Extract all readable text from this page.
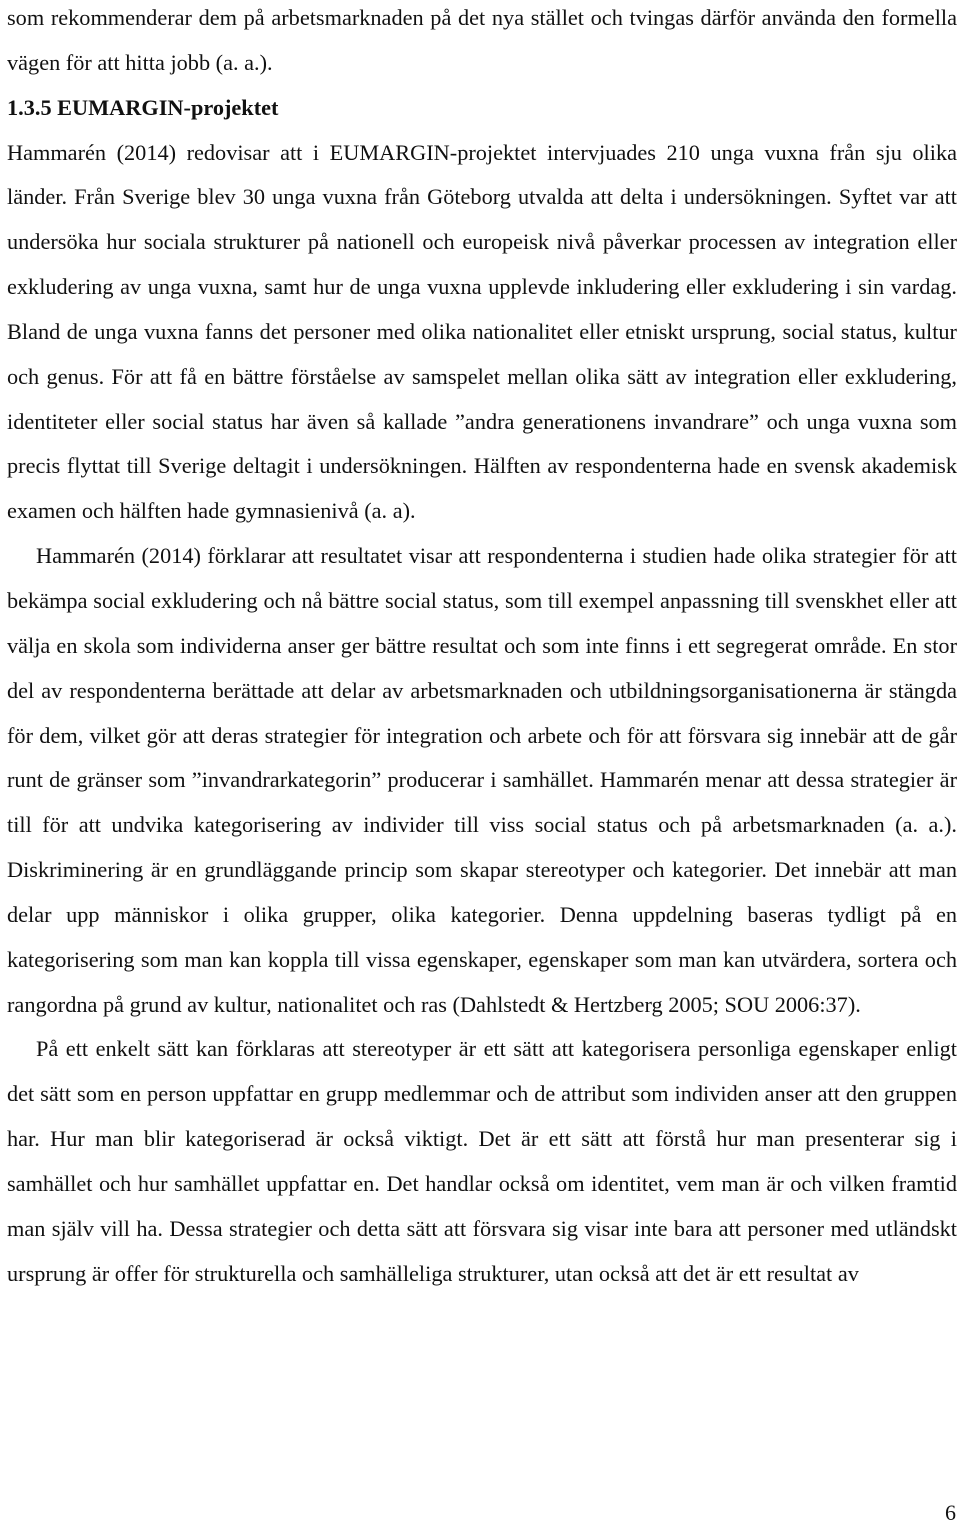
som rekommenderar dem på arbetsmarknaden på det nya stället och tvingas därför använda den formella vägen för att hitta jobb (a. a.).

1.3.5 EUMARGIN-projektet

Hammarén (2014) redovisar att i EUMARGIN-projektet intervjuades 210 unga vuxna från sju olika länder. Från Sverige blev 30 unga vuxna från Göteborg utvalda att delta i undersökningen. Syftet var att undersöka hur sociala strukturer på nationell och europeisk nivå påverkar processen av integration eller exkludering av unga vuxna, samt hur de unga vuxna upplevde inkludering eller exkludering i sin vardag. Bland de unga vuxna fanns det personer med olika nationalitet eller etniskt ursprung, social status, kultur och genus. För att få en bättre förståelse av samspelet mellan olika sätt av integration eller exkludering, identiteter eller social status har även så kallade ”andra generationens invandrare” och unga vuxna som precis flyttat till Sverige deltagit i undersökningen. Hälften av respondenterna hade en svensk akademisk examen och hälften hade gymnasienivå (a. a).

Hammarén (2014) förklarar att resultatet visar att respondenterna i studien hade olika strategier för att bekämpa social exkludering och nå bättre social status, som till exempel anpassning till svenskhet eller att välja en skola som individerna anser ger bättre resultat och som inte finns i ett segregerat område. En stor del av respondenterna berättade att delar av arbetsmarknaden och utbildningsorganisationerna är stängda för dem, vilket gör att deras strategier för integration och arbete och för att försvara sig innebär att de går runt de gränser som ”invandrarkategorin” producerar i samhället. Hammarén menar att dessa strategier är till för att undvika kategorisering av individer till viss social status och på arbetsmarknaden (a. a.). Diskriminering är en grundläggande princip som skapar stereotyper och kategorier. Det innebär att man delar upp människor i olika grupper, olika kategorier. Denna uppdelning baseras tydligt på en kategorisering som man kan koppla till vissa egenskaper, egenskaper som man kan utvärdera, sortera och rangordna på grund av kultur, nationalitet och ras (Dahlstedt & Hertzberg 2005; SOU 2006:37).

På ett enkelt sätt kan förklaras att stereotyper är ett sätt att kategorisera personliga egenskaper enligt det sätt som en person uppfattar en grupp medlemmar och de attribut som individen anser att den gruppen har. Hur man blir kategoriserad är också viktigt. Det är ett sätt att förstå hur man presenterar sig i samhället och hur samhället uppfattar en. Det handlar också om identitet, vem man är och vilken framtid man själv vill ha. Dessa strategier och detta sätt att försvara sig visar inte bara att personer med utländskt ursprung är offer för strukturella och samhälleliga strukturer, utan också att det är ett resultat av

6
